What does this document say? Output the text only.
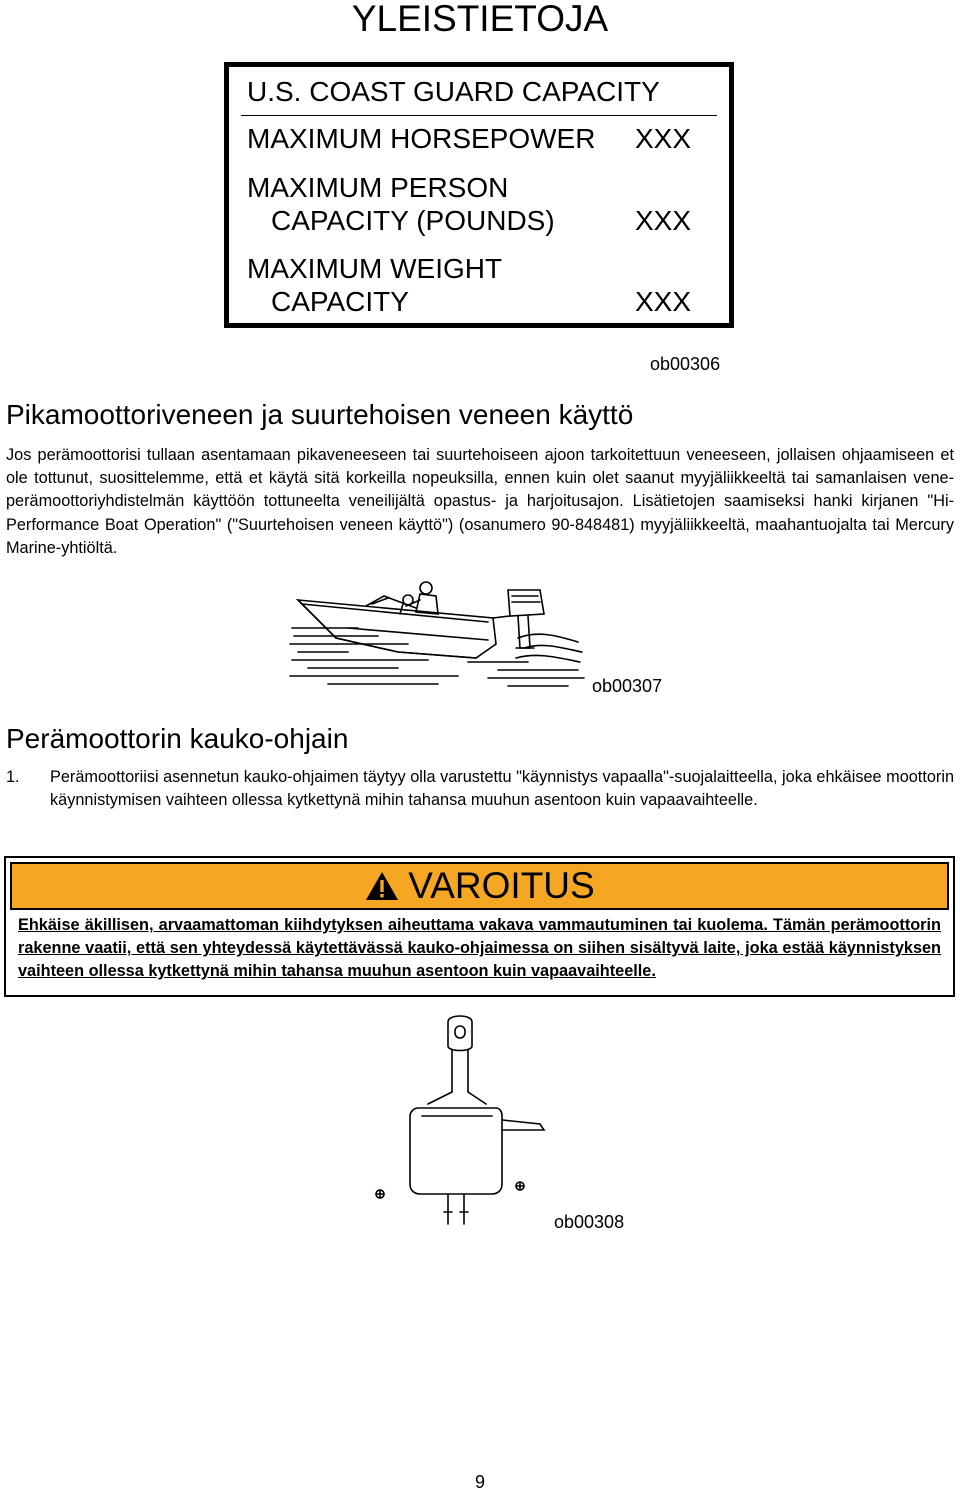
YLEISTIETOJA
U.S. COAST GUARD CAPACITY
MAXIMUM HORSEPOWER XXX
MAXIMUM PERSON
CAPACITY (POUNDS)	XXX
MAXIMUM WEIGHT
CAPACITY	XXX
ob00306
Pikamoottoriveneen ja suurtehoisen veneen käyttö
Jos perämoottorisi tullaan asentamaan pikaveneeseen tai suurtehoiseen ajoon tarkoitettuun veneeseen, jollaisen ohjaamiseen et ole tottunut, suosittelemme, että et käytä sitä korkeilla nopeuksilla, ennen kuin olet saanut myyjäliikkeeltä tai samanlaisen vene-perämoottoriyhdistelmän käyttöön tottuneelta veneilijältä opastus- ja harjoitusajon. Lisätietojen saamiseksi hanki kirjanen "Hi-Performance Boat Operation" ("Suurtehoisen veneen käyttö") (osanumero 90-848481) myyjäliikkeeltä, maahantuojalta tai Mercury Marine-yhtiöltä.
ob00307
Perämoottorin kauko-ohjain
1. Perämoottoriisi asennetun kauko-ohjaimen täytyy olla varustettu "käynnistys vapaalla"-suojalaitteella, joka ehkäisee moottorin käynnistymisen vaihteen ollessa kytkettynä mihin tahansa muuhun asentoon kuin vapaavaihteelle.
VAROITUS
Ehkäise äkillisen, arvaamattoman kiihdytyksen aiheuttama vakava vammautuminen tai kuolema. Tämän perämoottorin rakenne vaatii, että sen yhteydessä käytettävässä kauko-ohjaimessa on siihen sisältyvä laite, joka estää käynnistyksen vaihteen ollessa kytkettynä mihin tahansa muuhun asentoon kuin vapaavaihteelle.
ob00308
9
